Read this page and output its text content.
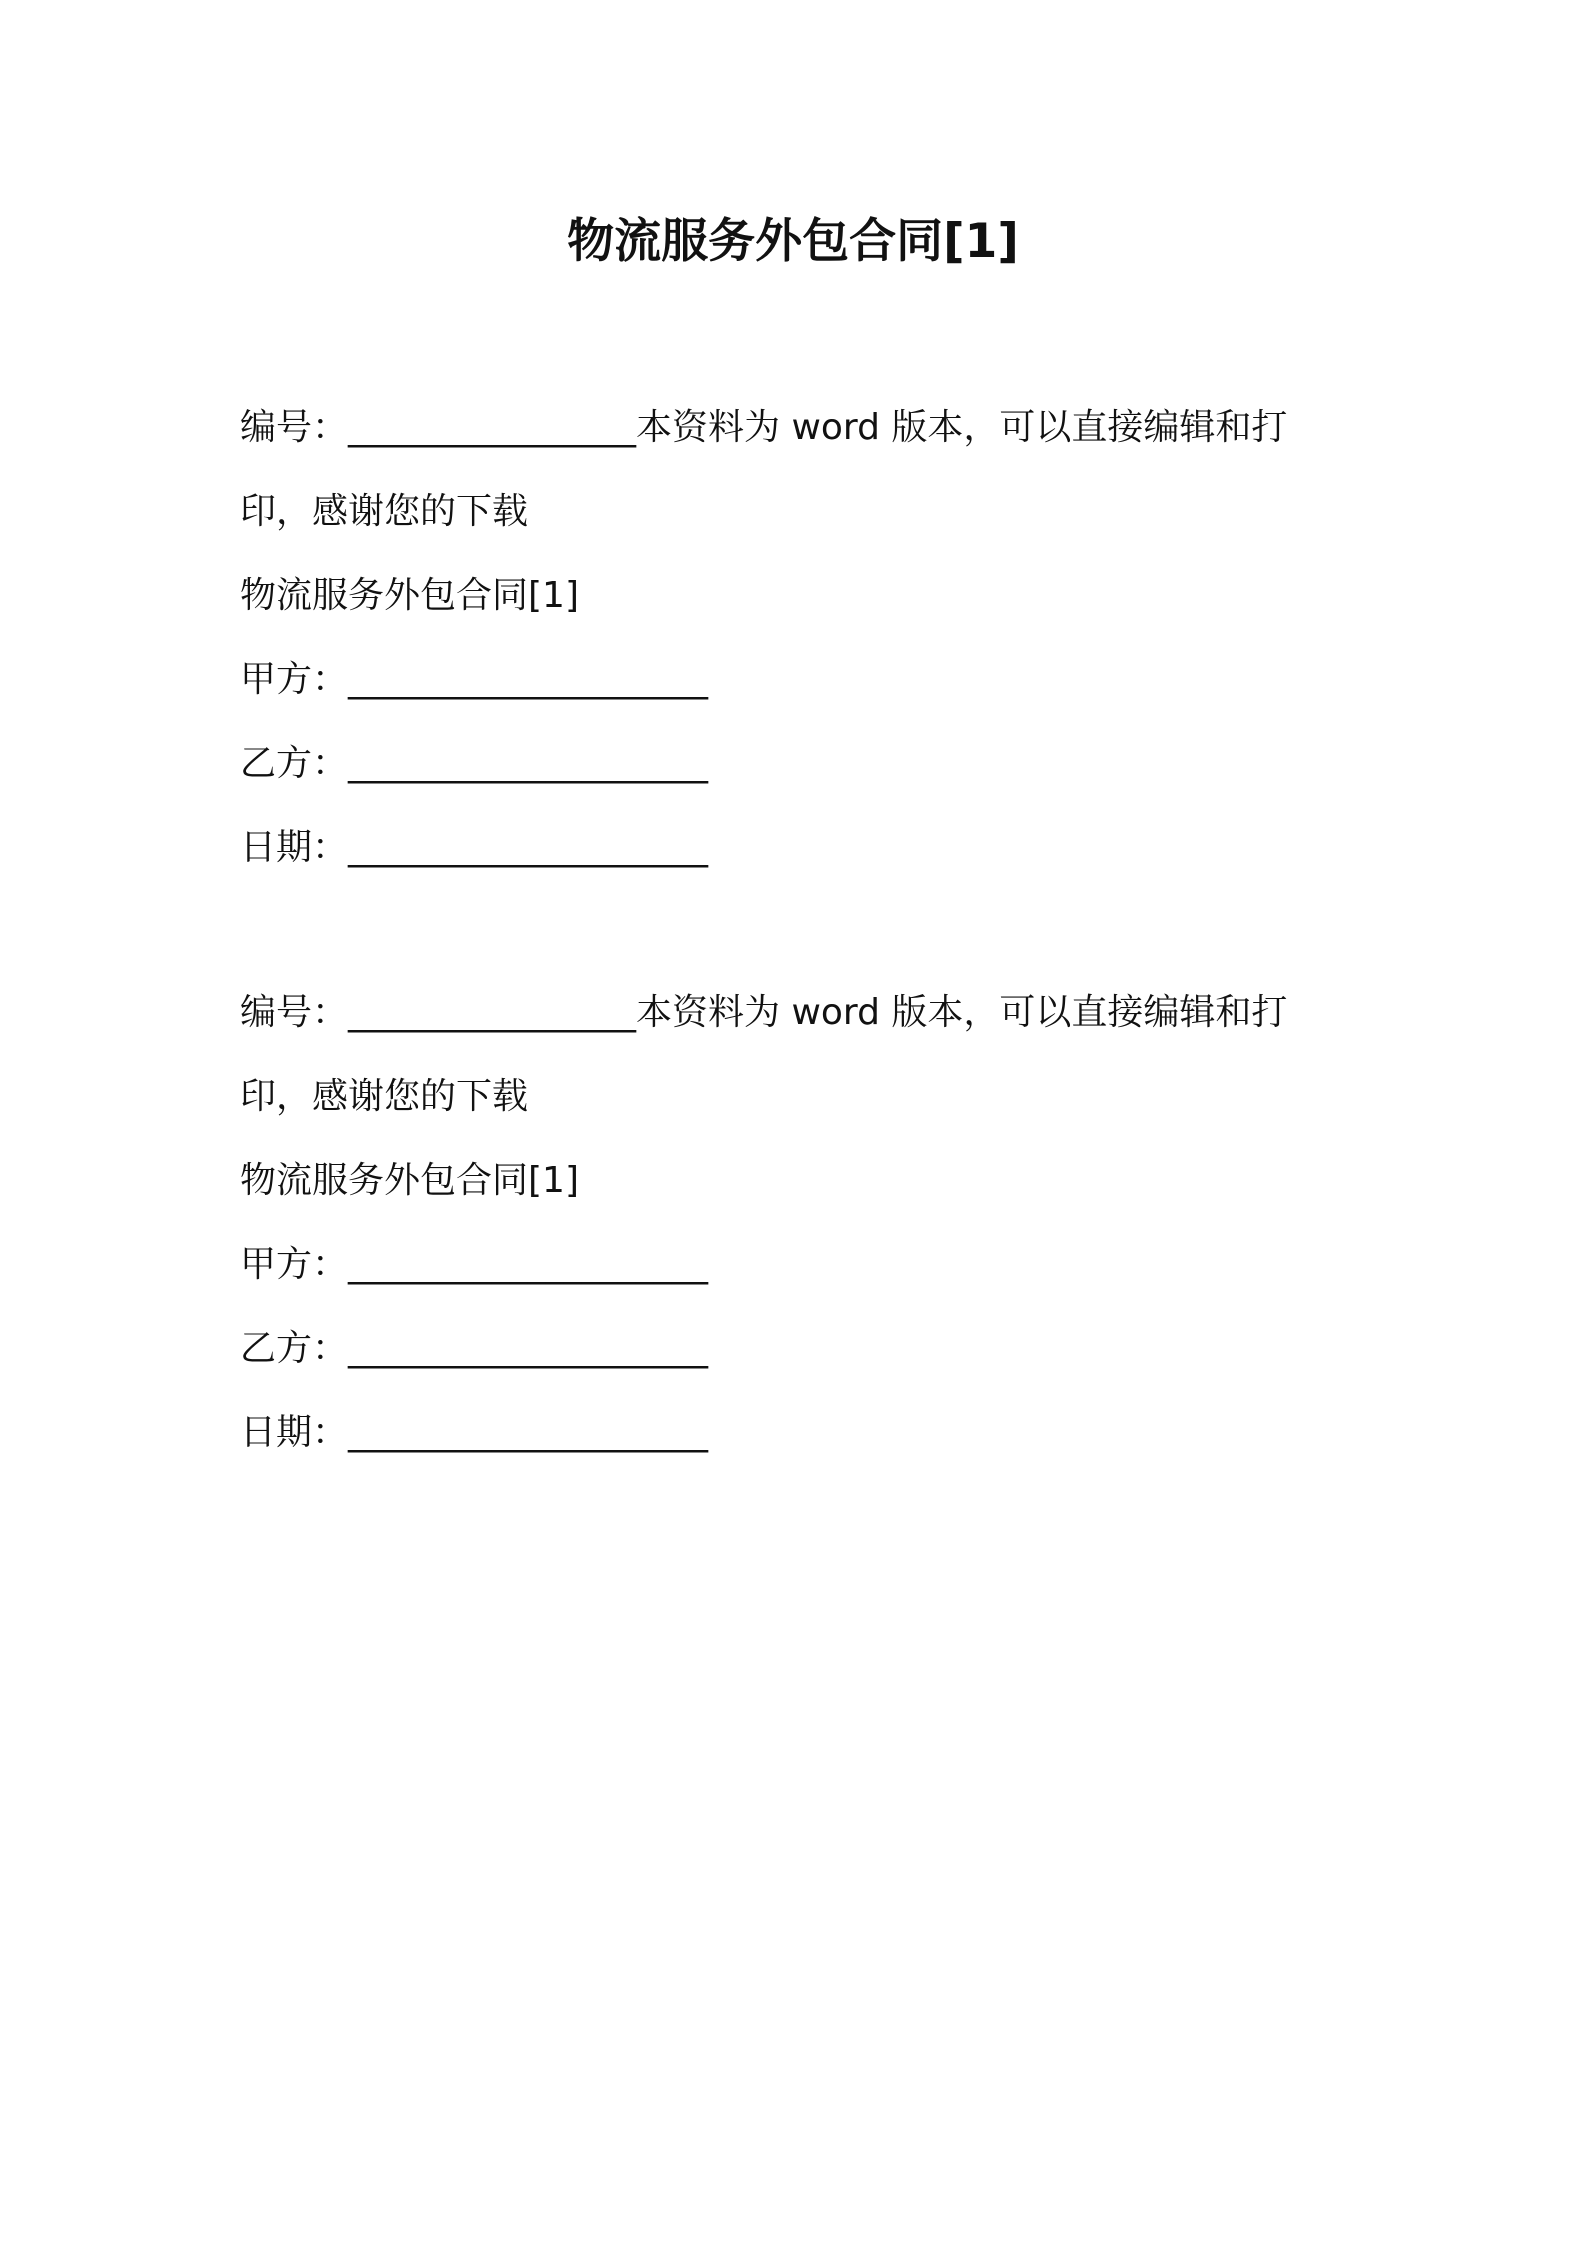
物流服务外包合同[1]
编号：________________本资料为 word 版本，可以直接编辑和打
印，感谢您的下载

物流服务外包合同[1]

甲方：____________________

乙方：____________________

日期：____________________

编号：________________本资料为 word 版本，可以直接编辑和打
印，感谢您的下载

物流服务外包合同[1]

甲方：____________________

乙方：____________________

日期：____________________
